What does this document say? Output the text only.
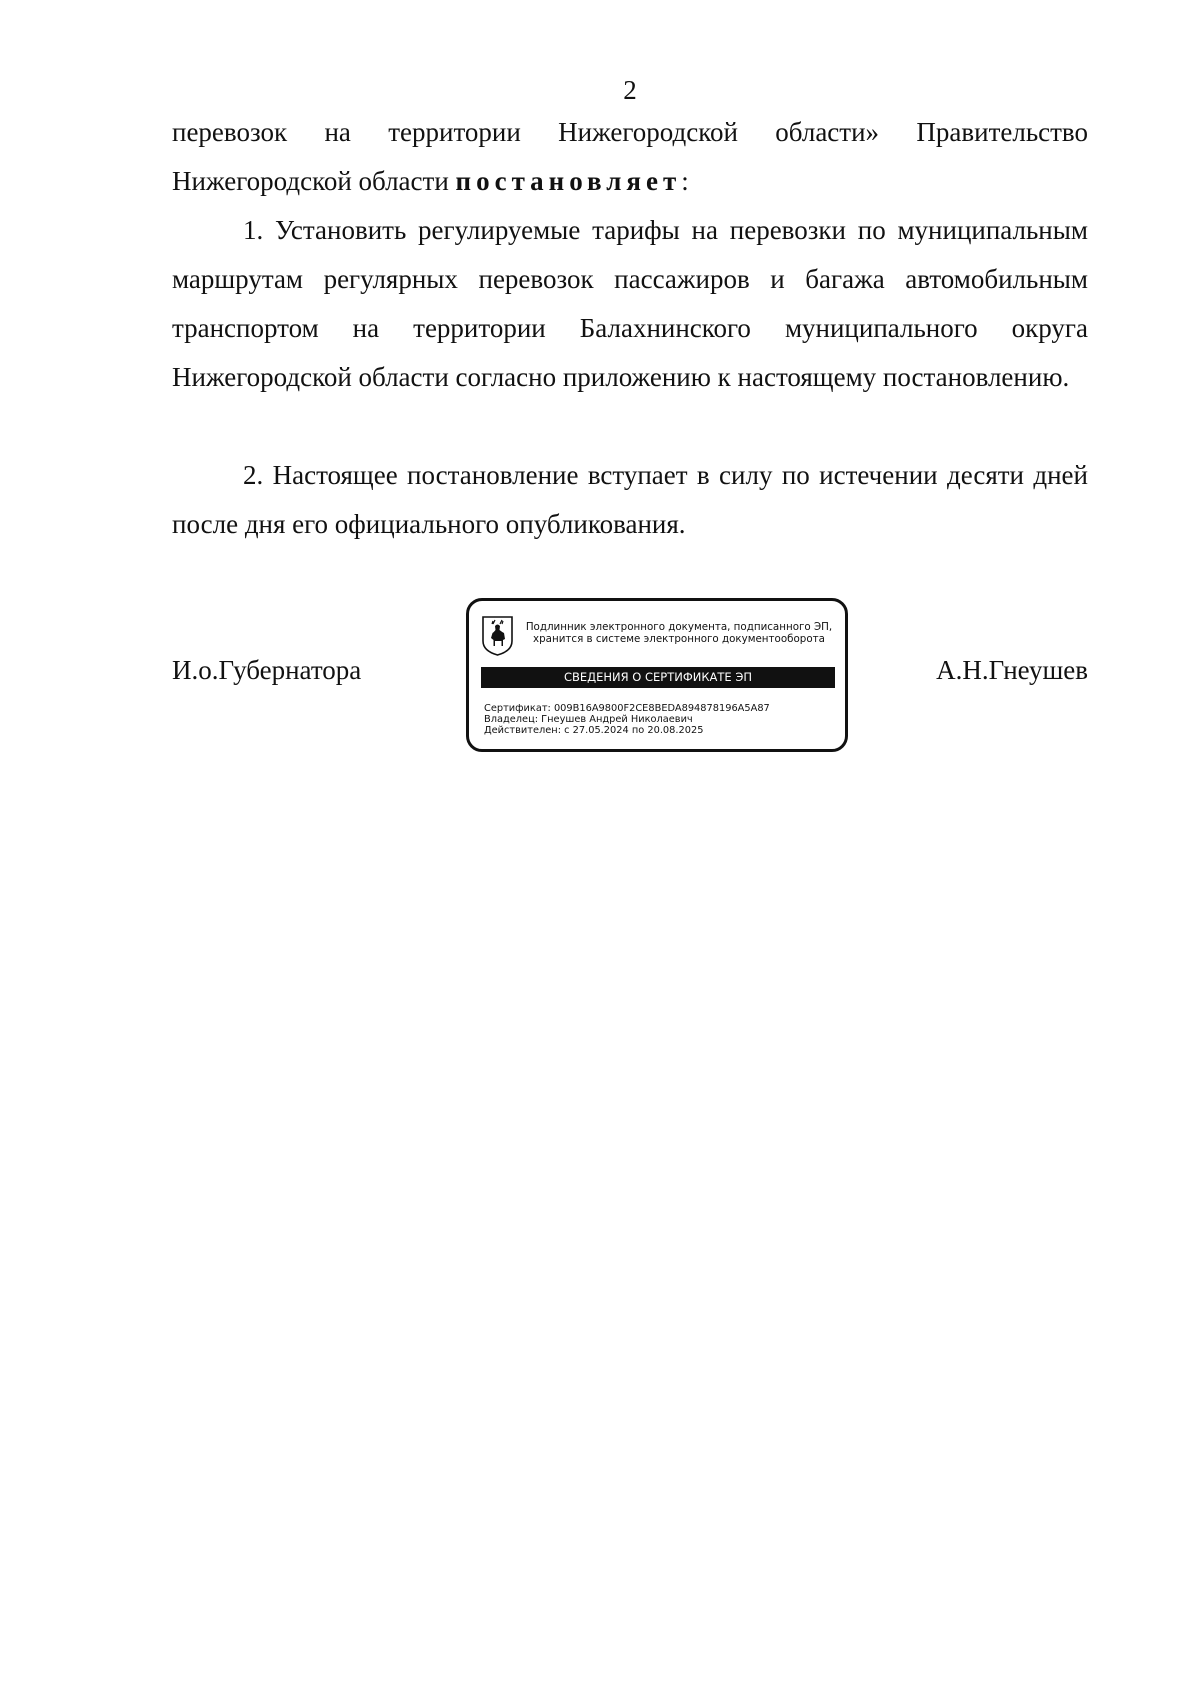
2

перевозок на территории Нижегородской области» Правительство Нижегородской области постановляет:

1. Установить регулируемые тарифы на перевозки по муниципальным маршрутам регулярных перевозок пассажиров и багажа автомобильным транспортом на территории Балахнинского муниципального округа Нижегородской области согласно приложению к настоящему постановлению.

2. Настоящее постановление вступает в силу по истечении десяти дней после дня его официального опубликования.

И.о.Губернатора
Подлинник электронного документа, подписанного ЭП,
хранится в системе электронного документооборота
СВЕДЕНИЯ О СЕРТИФИКАТЕ ЭП
Сертификат: 009B16A9800F2CE8BEDA894878196A5A87
Владелец: Гнеушев Андрей Николаевич
Действителен: с 27.05.2024 по 20.08.2025
А.Н.Гнеушев
